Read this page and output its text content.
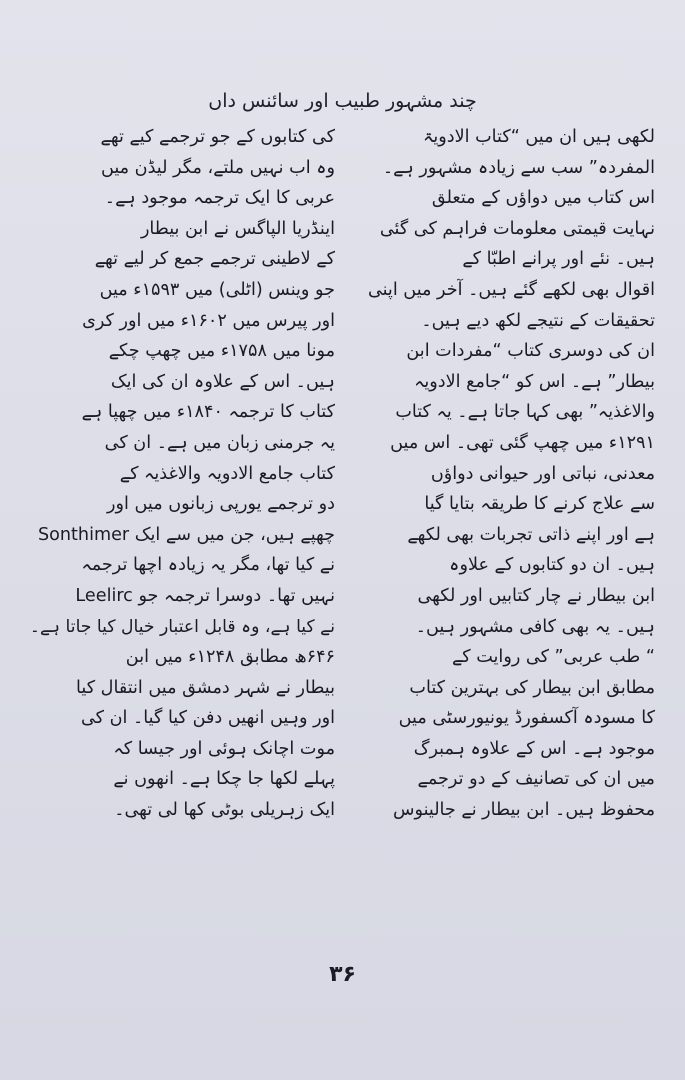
چند مشہور طبیب اور سائنس داں
لکھی ہیں ان میں “کتاب الادویۃ
المفردہ” سب سے زیادہ مشہور ہے۔
اس کتاب میں دواؤں کے متعلق
نہایت قیمتی معلومات فراہم کی گئی
ہیں۔ نئے اور پرانے اطبّا کے
اقوال بھی لکھے گئے ہیں۔ آخر میں اپنی
تحقیقات کے نتیجے لکھ دیے ہیں۔
ان کی دوسری کتاب “مفردات ابن
بیطار” ہے۔ اس کو “جامع الادویہ
والاغذیہ” بھی کہا جاتا ہے۔ یہ کتاب
۱۲۹۱ء میں چھپ گئی تھی۔ اس میں
معدنی، نباتی اور حیوانی دواؤں
سے علاج کرنے کا طریقہ بتایا گیا
ہے اور اپنے ذاتی تجربات بھی لکھے
ہیں۔ ان دو کتابوں کے علاوہ
ابن بیطار نے چار کتابیں اور لکھی
ہیں۔ یہ بھی کافی مشہور ہیں۔
“ طب عربی” کی روایت کے
مطابق ابن بیطار کی بہترین کتاب
کا مسودہ آکسفورڈ یونیورسٹی میں
موجود ہے۔ اس کے علاوہ ہمبرگ
میں ان کی تصانیف کے دو ترجمے
محفوظ ہیں۔ ابن بیطار نے جالینوس
کی کتابوں کے جو ترجمے کیے تھے
وہ اب نہیں ملتے، مگر لیڈن میں
عربی کا ایک ترجمہ موجود ہے۔
اینڈریا الپاگس نے ابن بیطار
کے لاطینی ترجمے جمع کر لیے تھے
جو وینس (اٹلی) میں ۱۵۹۳ء میں
اور پیرس میں ۱۶۰۲ء میں اور کری
مونا میں ۱۷۵۸ء میں چھپ چکے
ہیں۔ اس کے علاوہ ان کی ایک
کتاب کا ترجمہ ۱۸۴۰ء میں چھپا ہے
یہ جرمنی زبان میں ہے۔ ان کی
کتاب جامع الادویہ والاغذیہ کے
دو ترجمے یورپی زبانوں میں اور
چھپے ہیں، جن میں سے ایک Sonthimer
نے کیا تھا، مگر یہ زیادہ اچھا ترجمہ
نہیں تھا۔ دوسرا ترجمہ جو Leelirc
نے کیا ہے، وہ قابل اعتبار خیال کیا جاتا ہے۔
۶۴۶ھ مطابق ۱۲۴۸ء میں ابن
بیطار نے شہر دمشق میں انتقال کیا
اور وہیں انھیں دفن کیا گیا۔ ان کی
موت اچانک ہوئی اور جیسا کہ
پہلے لکھا جا چکا ہے۔ انھوں نے
ایک زہریلی بوٹی کھا لی تھی۔
۳۶
